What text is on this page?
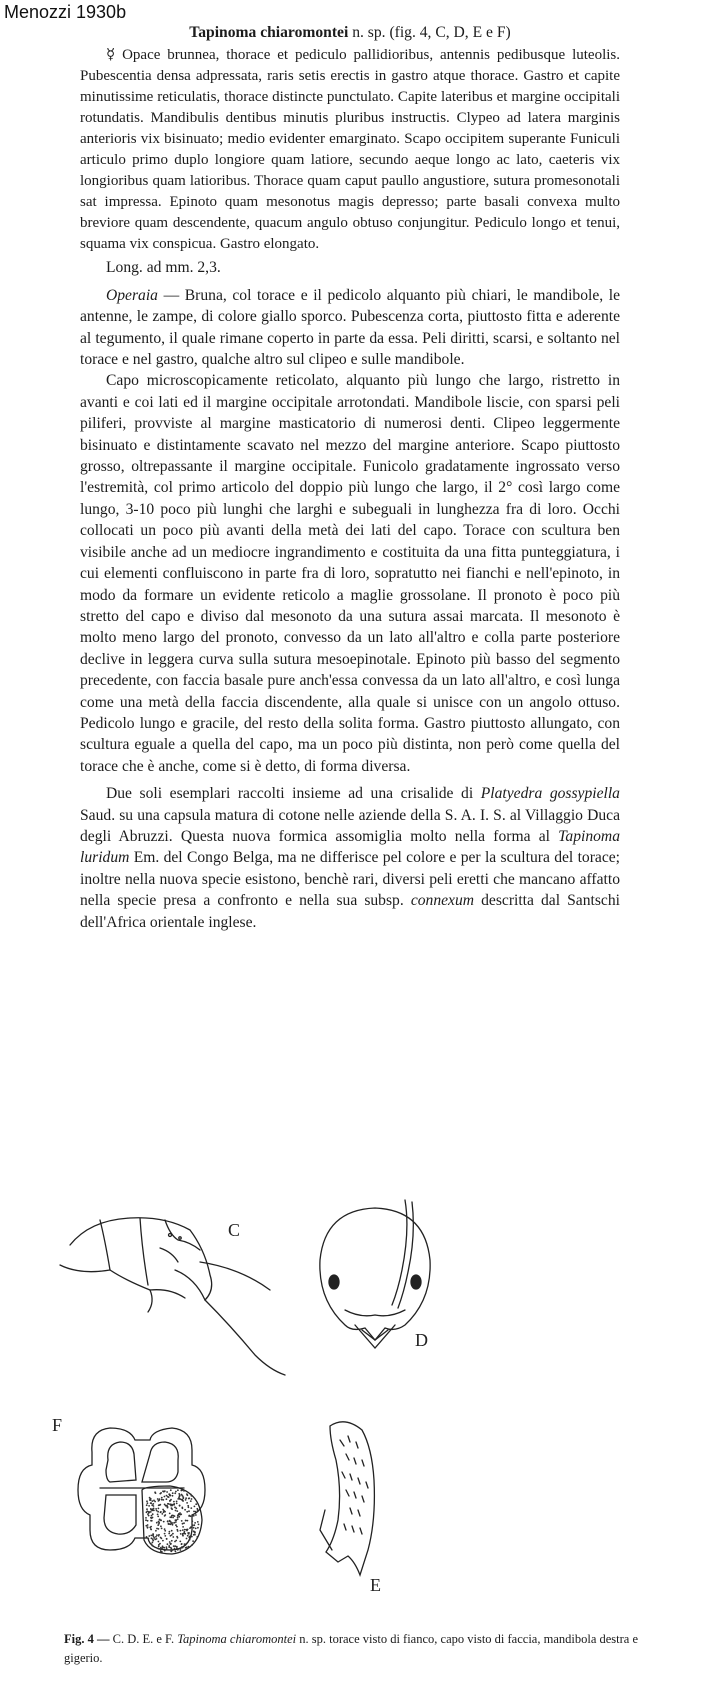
Menozzi 1930b
Tapinoma chiaromontei n. sp. (fig. 4, C, D, E e F)

☿ Opace brunnea, thorace et pediculo pallidioribus, antennis pedibusque luteolis. Pubescentia densa adpressata, raris setis erectis in gastro atque thorace. Gastro et capite minutissime reticulatis, thorace distincte punctulato. Capite lateribus et margine occipitali rotundatis. Mandibulis dentibus minutis pluribus instructis. Clypeo ad latera marginis anterioris vix bisinuato; medio evidenter emarginato. Scapo occipitem superante Funiculi articulo primo duplo longiore quam latiore, secundo aeque longo ac lato, caeteris vix longioribus quam latioribus. Thorace quam caput paullo angustiore, sutura promesonotali sat impressa. Epinoto quam mesonotus magis depresso; parte basali convexa multo breviore quam descendente, quacum angulo obtuso conjungitur. Pediculo longo et tenui, squama vix conspicua. Gastro elongato.

Long. ad mm. 2,3.

Operaia — Bruna, col torace e il pedicolo alquanto più chiari, le mandibole, le antenne, le zampe, di colore giallo sporco. Pubescenza corta, piuttosto fitta e aderente al tegumento, il quale rimane coperto in parte da essa. Peli diritti, scarsi, e soltanto nel torace e nel gastro, qualche altro sul clipeo e sulle mandibole.

Capo microscopicamente reticolato, alquanto più lungo che largo, ristretto in avanti e coi lati ed il margine occipitale arrotondati. Mandibole liscie, con sparsi peli piliferi, provviste al margine masticatorio di numerosi denti. Clipeo leggermente bisinuato e distintamente scavato nel mezzo del margine anteriore. Scapo piuttosto grosso, oltrepassante il margine occipitale. Funicolo gradatamente ingrossato verso l'estremità, col primo articolo del doppio più lungo che largo, il 2° così largo come lungo, 3-10 poco più lunghi che larghi e subeguali in lunghezza fra di loro. Occhi collocati un poco più avanti della metà dei lati del capo. Torace con scultura ben visibile anche ad un mediocre ingrandimento e costituita da una fitta punteggiatura, i cui elementi confluiscono in parte fra di loro, sopratutto nei fianchi e nell'epinoto, in modo da formare un evidente reticolo a maglie grossolane. Il pronoto è poco più stretto del capo e diviso dal mesonoto da una sutura assai marcata. Il mesonoto è molto meno largo del pronoto, convesso da un lato all'altro e colla parte posteriore declive in leggera curva sulla sutura mesoepinotale. Epinoto più basso del segmento precedente, con faccia basale pure anch'essa convessa da un lato all'altro, e così lunga come una metà della faccia discendente, alla quale si unisce con un angolo ottuso. Pedicolo lungo e gracile, del resto della solita forma. Gastro piuttosto allungato, con scultura eguale a quella del capo, ma un poco più distinta, non però come quella del torace che è anche, come si è detto, di forma diversa.

Due soli esemplari raccolti insieme ad una crisalide di Platyedra gossypiella Saud. su una capsula matura di cotone nelle aziende della S. A. I. S. al Villaggio Duca degli Abruzzi. Questa nuova formica assomiglia molto nella forma al Tapinoma luridum Em. del Congo Belga, ma ne differisce pel colore e per la scultura del torace; inoltre nella nuova specie esistono, benchè rari, diversi peli eretti che mancano affatto nella specie presa a confronto e nella sua subsp. connexum descritta dal Santschi dell'Africa orientale inglese.

C
D
F
E
Fig. 4 — C. D. E. e F. Tapinoma chiaromontei n. sp. torace visto di fianco, capo visto di faccia, mandibola destra e gigerio.
